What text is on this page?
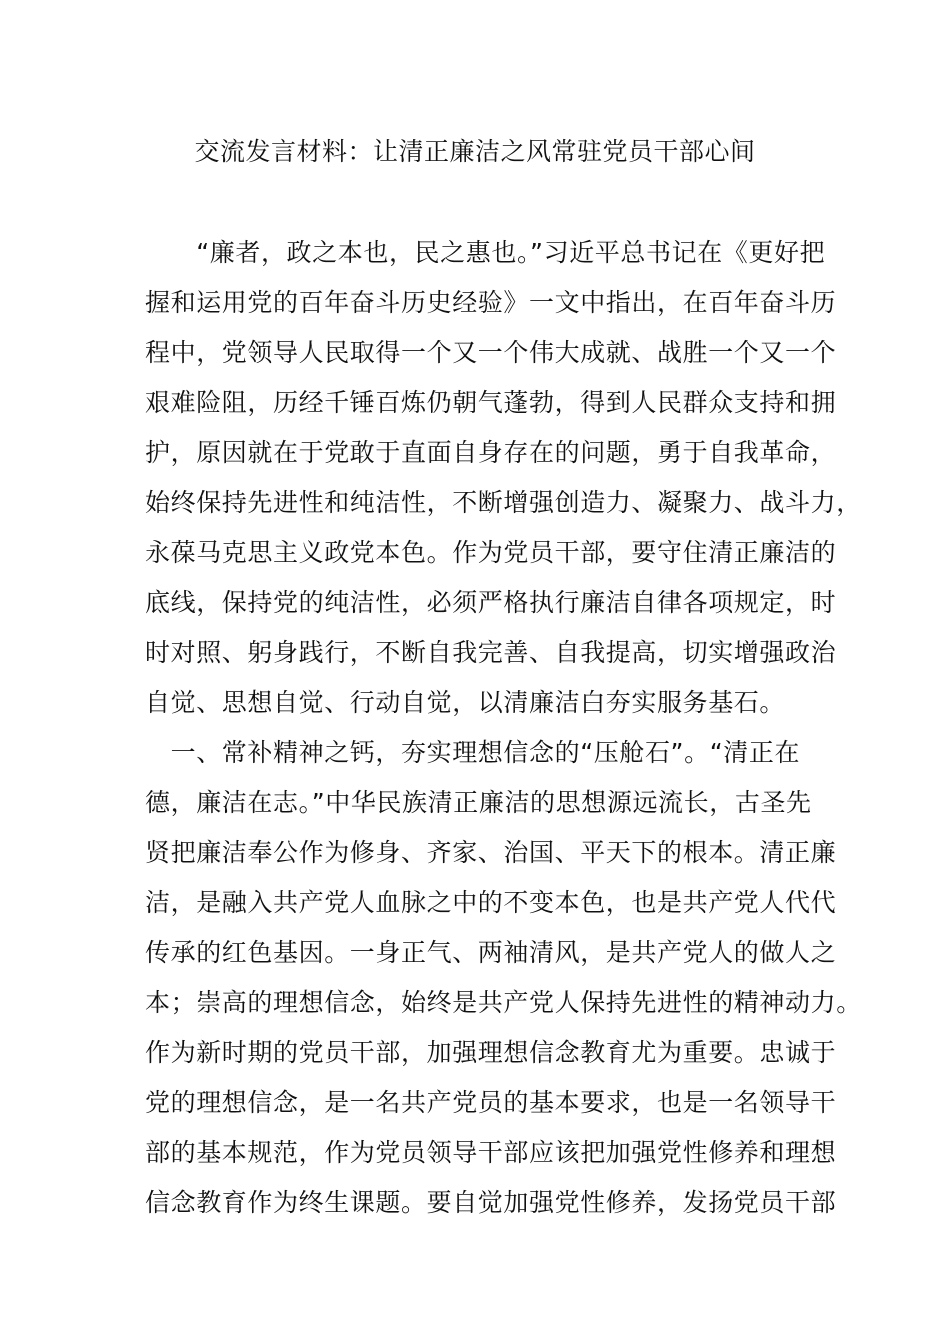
交流发言材料：让清正廉洁之风常驻党员干部心间
　　“廉者，政之本也，民之惠也。”习近平总书记在《更好把
握和运用党的百年奋斗历史经验》一文中指出，在百年奋斗历
程中，党领导人民取得一个又一个伟大成就、战胜一个又一个
艰难险阻，历经千锤百炼仍朝气蓬勃，得到人民群众支持和拥
护，原因就在于党敢于直面自身存在的问题，勇于自我革命，
始终保持先进性和纯洁性，不断增强创造力、凝聚力、战斗力，
永葆马克思主义政党本色。作为党员干部，要守住清正廉洁的
底线，保持党的纯洁性，必须严格执行廉洁自律各项规定，时
时对照、躬身践行，不断自我完善、自我提高，切实增强政治
自觉、思想自觉、行动自觉，以清廉洁白夯实服务基石。
　一、常补精神之钙，夯实理想信念的“压舱石”。“清正在
德，廉洁在志。”中华民族清正廉洁的思想源远流长，古圣先
贤把廉洁奉公作为修身、齐家、治国、平天下的根本。清正廉
洁，是融入共产党人血脉之中的不变本色，也是共产党人代代
传承的红色基因。一身正气、两袖清风，是共产党人的做人之
本；崇高的理想信念，始终是共产党人保持先进性的精神动力。
作为新时期的党员干部，加强理想信念教育尤为重要。忠诚于
党的理想信念，是一名共产党员的基本要求，也是一名领导干
部的基本规范，作为党员领导干部应该把加强党性修养和理想
信念教育作为终生课题。要自觉加强党性修养，发扬党员干部
